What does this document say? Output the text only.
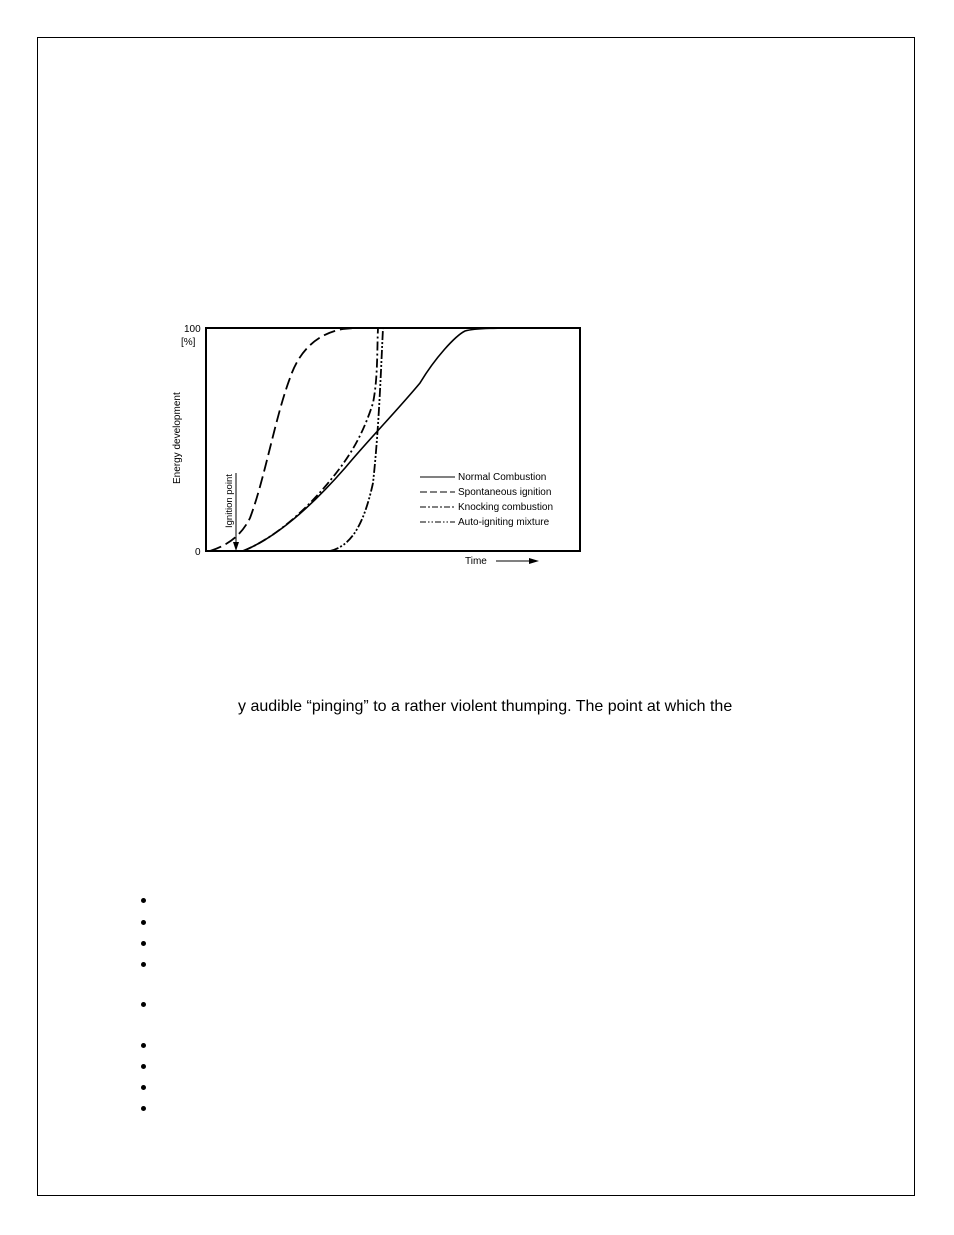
100
[%]
0
Energy development
Time
Ignition point	Normal Combustion
Spontaneous ignition
Knocking combustion
Auto-igniting mixture
y audible “pinging” to a rather violent thumping. The point at which the
